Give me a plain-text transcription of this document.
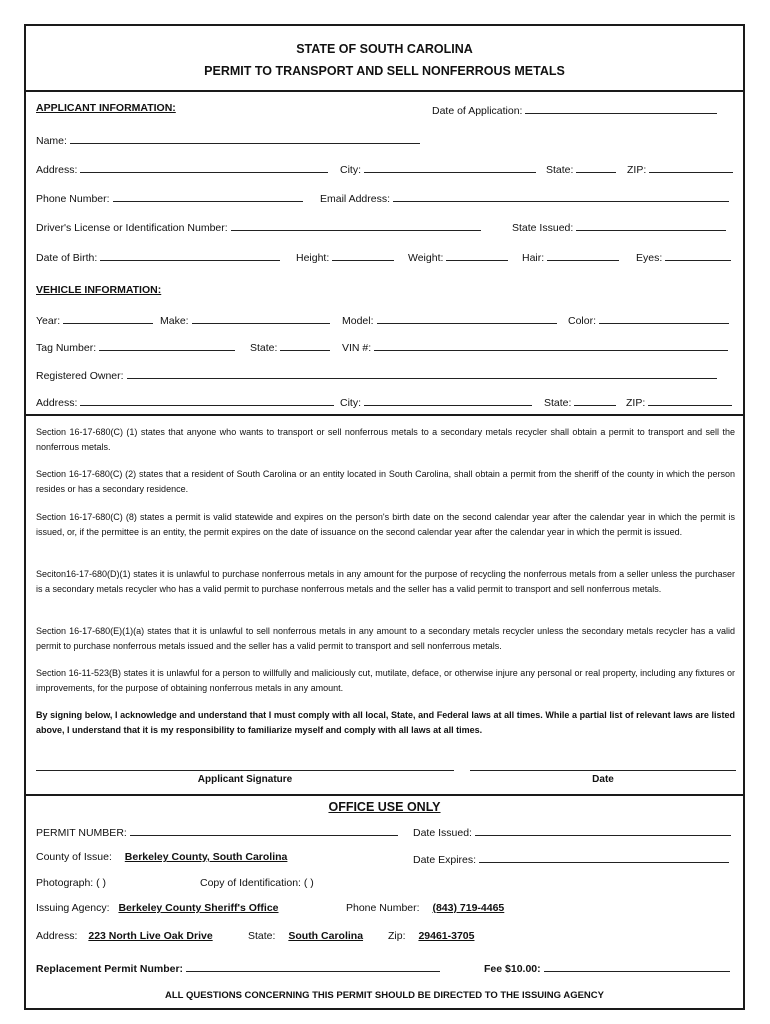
STATE OF SOUTH CAROLINA
PERMIT TO TRANSPORT AND SELL NONFERROUS METALS
APPLICANT INFORMATION:	Date of Application:
Name:
Address:	City:	State:	ZIP:
Phone Number:	Email Address:
Driver's License or Identification Number:	State Issued:
Date of Birth:	Height:	Weight:	Hair:	Eyes:
VEHICLE INFORMATION:
Year:	Make:	Model:	Color:
Tag Number:	State:	VIN #:
Registered Owner:
Address:	City:	State:	ZIP:
Section 16-17-680(C) (1) states that anyone who wants to transport or sell nonferrous metals to a secondary metals recycler shall obtain a permit to transport and sell the nonferrous metals.
Section 16-17-680(C) (2) states that a resident of South Carolina or an entity located in South Carolina, shall obtain a permit from the sheriff of the county in which the person resides or has a secondary residence.
Section 16-17-680(C) (8) states a permit is valid statewide and expires on the person's birth date on the second calendar year after the calendar year in which the permit is issued, or, if the permittee is an entity, the permit expires on the date of issuance on the second calendar year after the calendar year in which the permit is issued.
Seciton16-17-680(D)(1) states it is unlawful to purchase nonferrous metals in any amount for the purpose of recycling the nonferrous metals from a seller unless the purchaser is a secondary metals recycler who has a valid permit to purchase nonferrous metals and the seller has a valid permit to transport and sell nonferrous metals.
Section 16-17-680(E)(1)(a) states that it is unlawful to sell nonferrous metals in any amount to a secondary metals recycler unless the secondary metals recycler has a valid permit to purchase nonferrous metals issued and the seller has a valid permit to transport and sell nonferrous metals.
Section 16-11-523(B) states it is unlawful for a person to willfully and maliciously cut, mutilate, deface, or otherwise injure any personal or real property, including any fixtures or improvements, for the purpose of obtaining nonferrous metals in any amount.
By signing below, I acknowledge and understand that I must comply with all local, State, and Federal laws at all times. While a partial list of relevant laws are listed above, I understand that it is my responsibility to familiarize myself and comply with all laws at all times.
Applicant Signature	Date
OFFICE USE ONLY
PERMIT NUMBER:	Date Issued:
County of Issue: Berkeley County, South Carolina	Date Expires:
Photograph: ( )	Copy of Identification: ( )
Issuing Agency: Berkeley County Sheriff's Office	Phone Number: (843) 719-4465
Address: 223 North Live Oak Drive	State: South Carolina Zip: 29461-3705
Replacement Permit Number:	Fee $10.00:
ALL QUESTIONS CONCERNING THIS PERMIT SHOULD BE DIRECTED TO THE ISSUING AGENCY
